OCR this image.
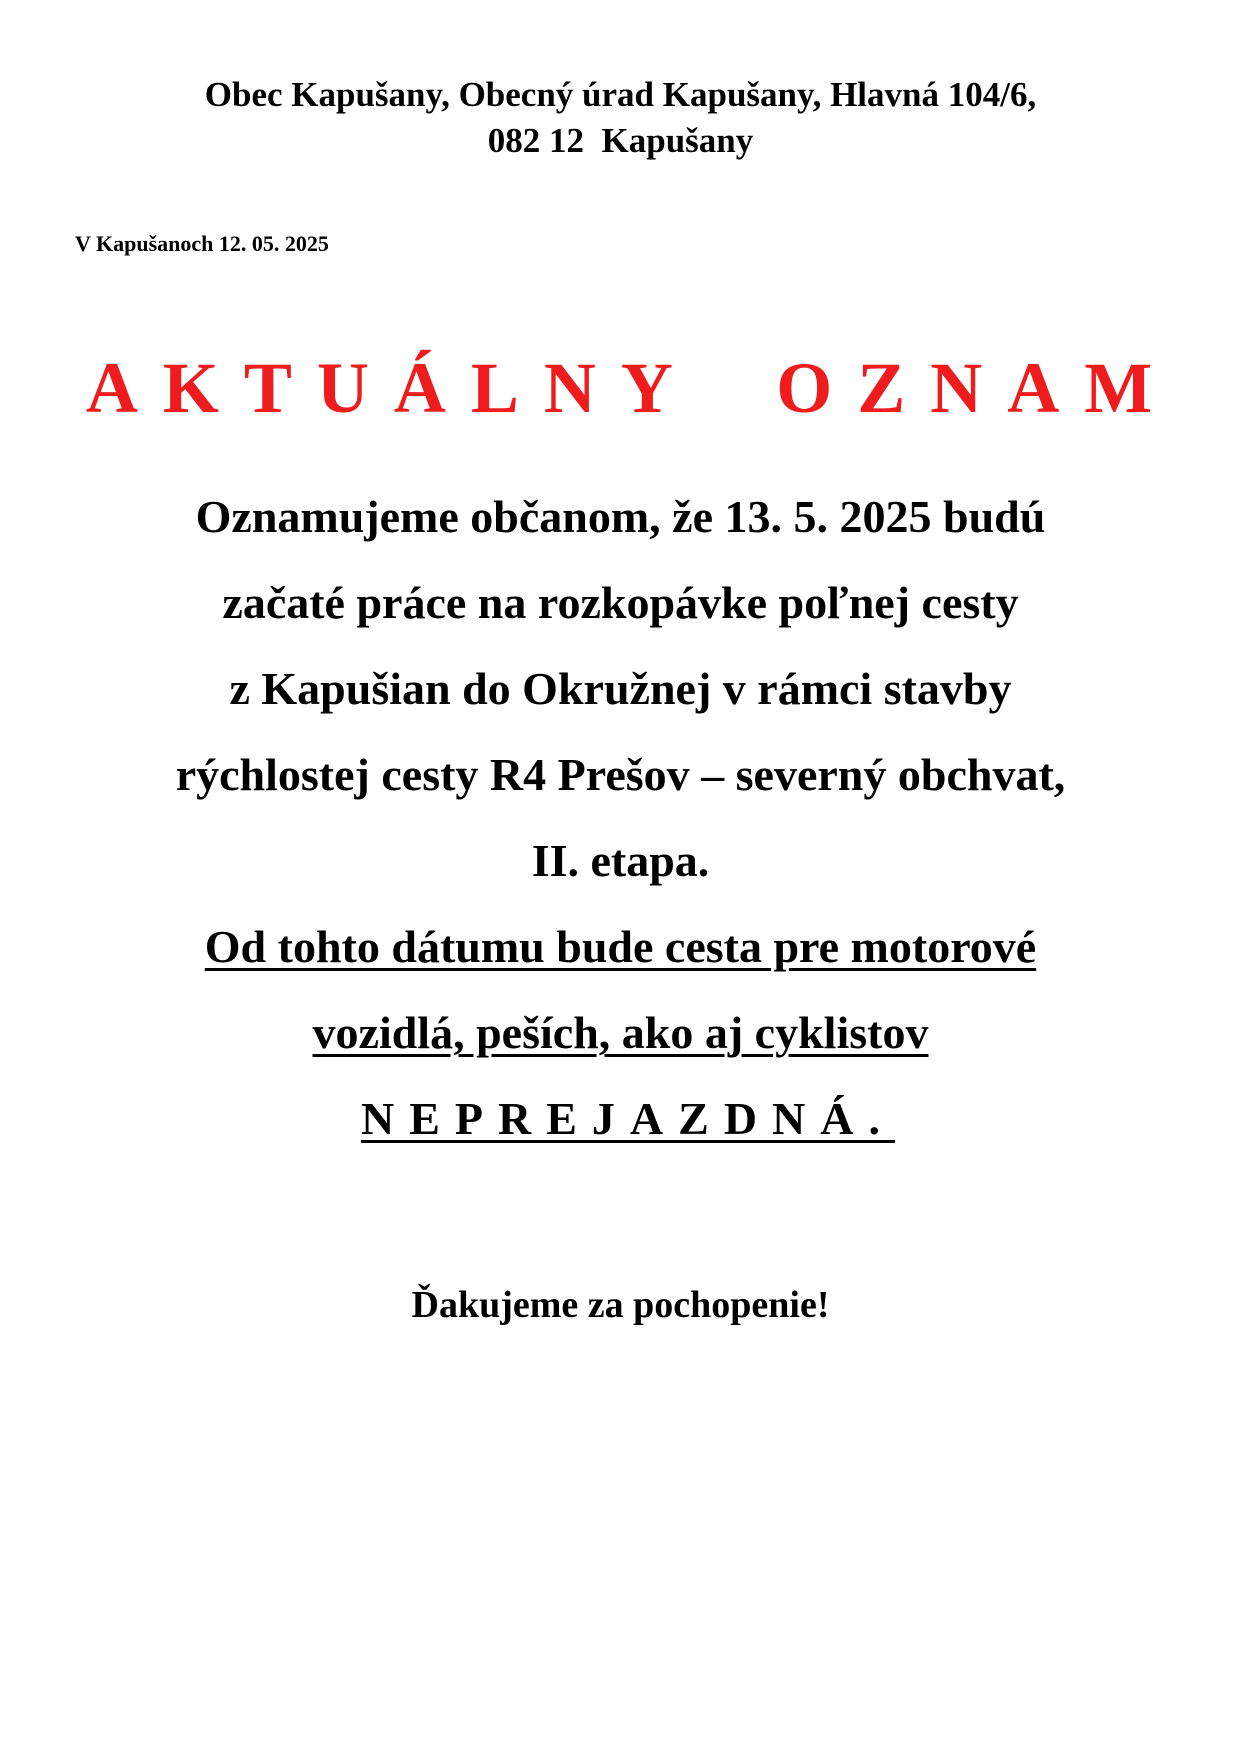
Obec Kapušany, Obecný úrad Kapušany, Hlavná 104/6,
082 12  Kapušany
V Kapušanoch 12. 05. 2025
AKTUÁLNY OZNAM
Oznamujeme občanom, že 13. 5. 2025 budú
začaté práce na rozkopávke poľnej cesty
z Kapušian do Okružnej v rámci stavby
rýchlostej cesty R4 Prešov – severný obchvat,
II. etapa.
Od tohto dátumu bude cesta pre motorové
vozidlá, peších, ako aj cyklistov
NEPREJAZDNÁ.
Ďakujeme za pochopenie!
